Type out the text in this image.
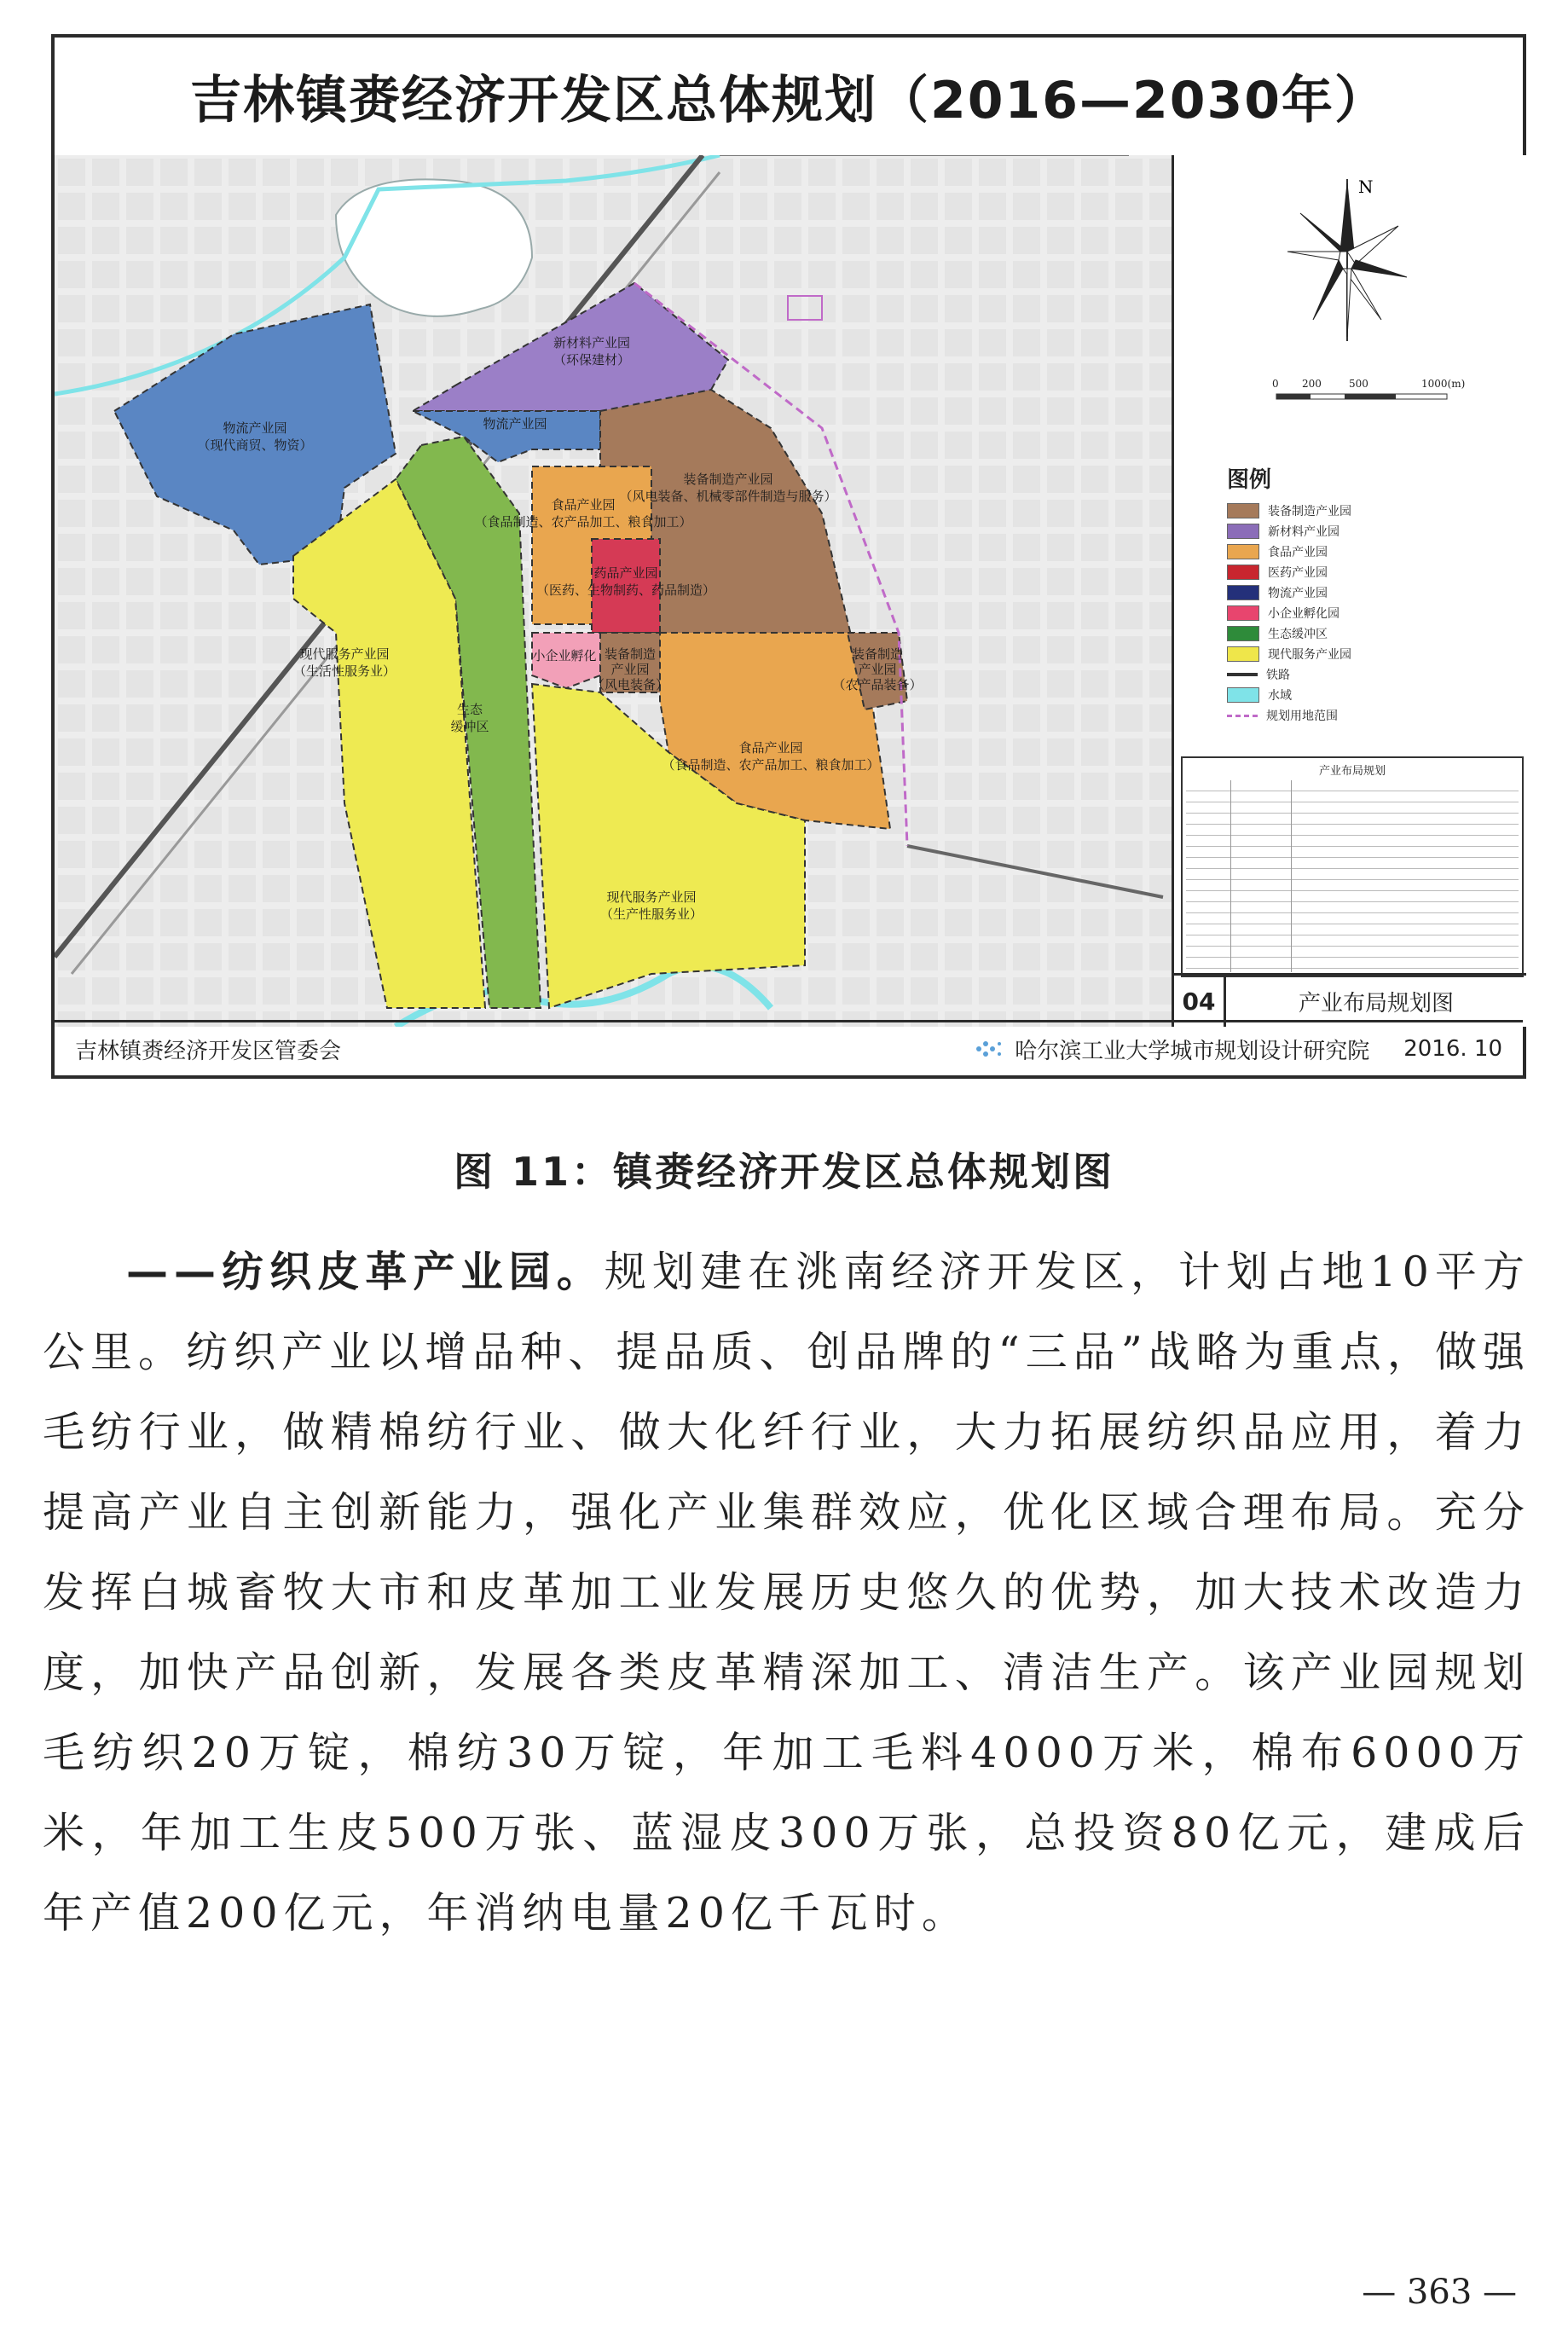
吉林镇赉经济开发区总体规划（2016—2030年）
物流产业园（现代商贸、物资）
新材料产业园（环保建材）
物流产业园
装备制造产业园（风电装备、机械零部件制造与服务）
食品产业园（食品制造、农产品加工、粮食加工）
药品产业园（医药、生物制药、药品制造）
现代服务产业园（生活性服务业）
生态缓冲区
小企业孵化 装备制造产业园（风电装备）
装备制造产业园（农产品装备）
食品产业园（食品制造、农产品加工、粮食加工）
现代服务产业园（生产性服务业）
N
0 200	500	1000(m)
图例
装备制造产业园
新材料产业园
食品产业园
医药产业园
物流产业园
小企业孵化园
生态缓冲区
现代服务产业园
铁路
水域
规划用地范围
产业布局规划
04	产业布局规划图
吉林镇赉经济开发区管委会	哈尔滨工业大学城市规划设计研究院 2016. 10
图 11：镇赉经济开发区总体规划图
——纺织皮革产业园。规划建在洮南经济开发区，计划占地10平方公里。纺织产业以增品种、提品质、创品牌的“三品”战略为重点，做强毛纺行业，做精棉纺行业、做大化纤行业，大力拓展纺织品应用，着力提高产业自主创新能力，强化产业集群效应，优化区域合理布局。充分发挥白城畜牧大市和皮革加工业发展历史悠久的优势，加大技术改造力度，加快产品创新，发展各类皮革精深加工、清洁生产。该产业园规划毛纺织20万锭，棉纺30万锭，年加工毛料4000万米，棉布6000万米，年加工生皮500万张、蓝湿皮300万张，总投资80亿元，建成后年产值200亿元，年消纳电量20亿千瓦时。
— 363 —
